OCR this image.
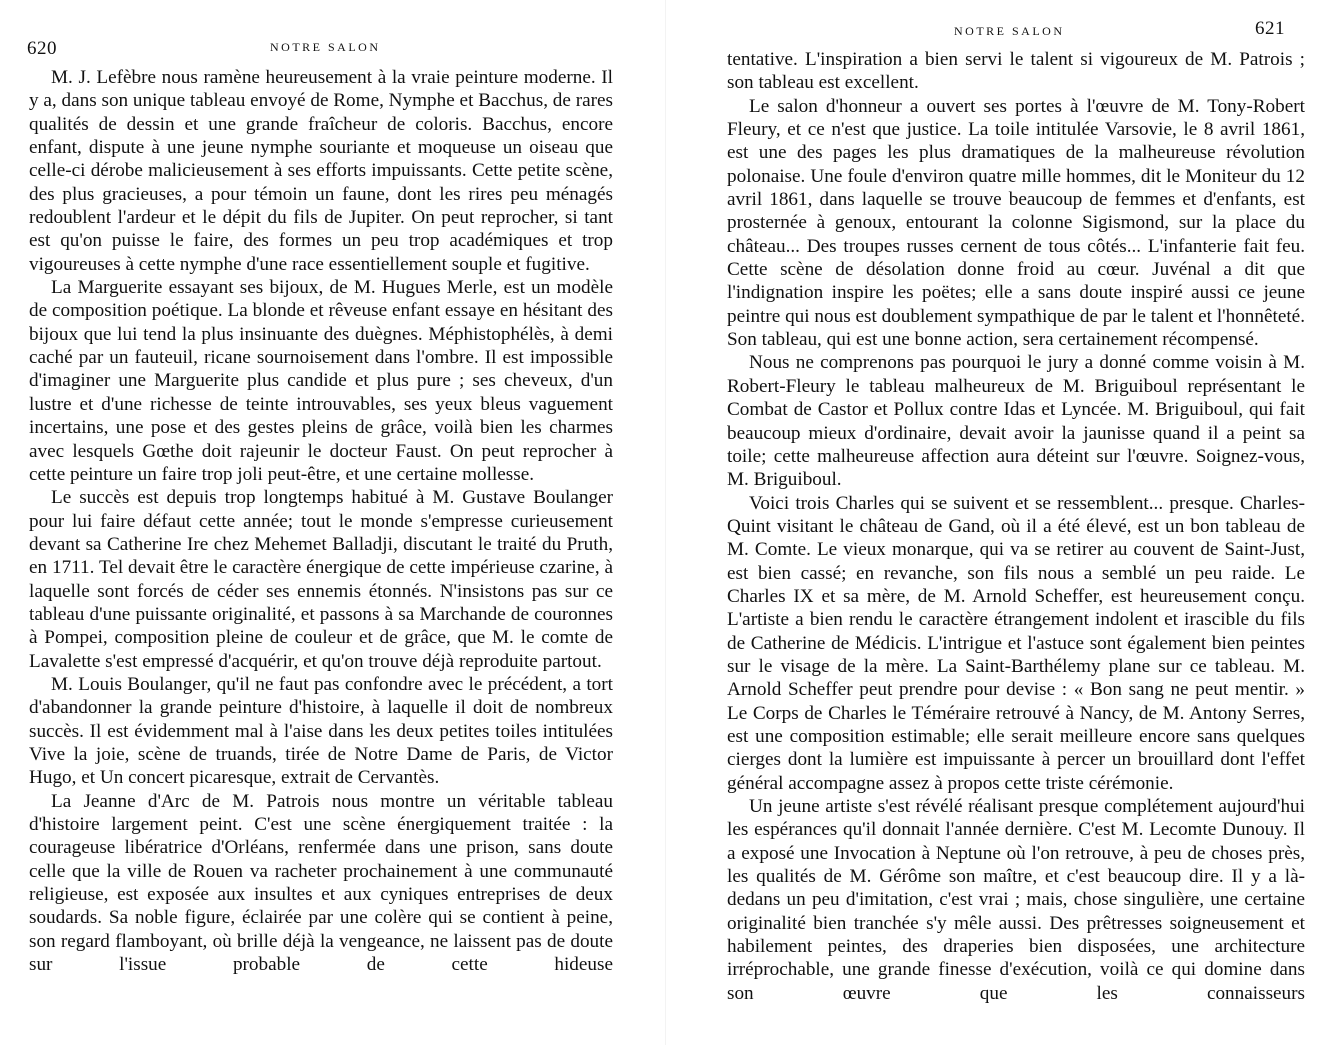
620	NOTRE SALON

M. J. Lefèbre nous ramène heureusement à la vraie peinture moderne. Il y a, dans son unique tableau envoyé de Rome, Nymphe et Bacchus, de rares qualités de dessin et une grande fraîcheur de coloris. Bacchus, encore enfant, dispute à une jeune nymphe souriante et moqueuse un oiseau que celle-ci dérobe malicieusement à ses efforts impuissants. Cette petite scène, des plus gracieuses, a pour témoin un faune, dont les rires peu ménagés redoublent l'ardeur et le dépit du fils de Jupiter. On peut reprocher, si tant est qu'on puisse le faire, des formes un peu trop académiques et trop vigoureuses à cette nymphe d'une race essentiellement souple et fugitive.

La Marguerite essayant ses bijoux, de M. Hugues Merle, est un modèle de composition poétique. La blonde et rêveuse enfant essaye en hésitant des bijoux que lui tend la plus insinuante des duègnes. Méphistophélès, à demi caché par un fauteuil, ricane sournoisement dans l'ombre. Il est impossible d'imaginer une Marguerite plus candide et plus pure ; ses cheveux, d'un lustre et d'une richesse de teinte introuvables, ses yeux bleus vaguement incertains, une pose et des gestes pleins de grâce, voilà bien les charmes avec lesquels Gœthe doit rajeunir le docteur Faust. On peut reprocher à cette peinture un faire trop joli peut-être, et une certaine mollesse.

Le succès est depuis trop longtemps habitué à M. Gustave Boulanger pour lui faire défaut cette année; tout le monde s'empresse curieusement devant sa Catherine Ire chez Mehemet Balladji, discutant le traité du Pruth, en 1711. Tel devait être le caractère énergique de cette impérieuse czarine, à laquelle sont forcés de céder ses ennemis étonnés. N'insistons pas sur ce tableau d'une puissante originalité, et passons à sa Marchande de couronnes à Pompei, composition pleine de couleur et de grâce, que M. le comte de Lavalette s'est empressé d'acquérir, et qu'on trouve déjà reproduite partout.

M. Louis Boulanger, qu'il ne faut pas confondre avec le précédent, a tort d'abandonner la grande peinture d'histoire, à laquelle il doit de nombreux succès. Il est évidemment mal à l'aise dans les deux petites toiles intitulées Vive la joie, scène de truands, tirée de Notre Dame de Paris, de Victor Hugo, et Un concert picaresque, extrait de Cervantès.

La Jeanne d'Arc de M. Patrois nous montre un véritable tableau d'histoire largement peint. C'est une scène énergiquement traitée : la courageuse libératrice d'Orléans, renfermée dans une prison, sans doute celle que la ville de Rouen va racheter prochainement à une communauté religieuse, est exposée aux insultes et aux cyniques entreprises de deux soudards. Sa noble figure, éclairée par une colère qui se contient à peine, son regard flamboyant, où brille déjà la vengeance, ne laissent pas de doute sur l'issue probable de cette hideuse

NOTRE SALON	621

tentative. L'inspiration a bien servi le talent si vigoureux de M. Patrois ; son tableau est excellent.

Le salon d'honneur a ouvert ses portes à l'œuvre de M. Tony-Robert Fleury, et ce n'est que justice. La toile intitulée Varsovie, le 8 avril 1861, est une des pages les plus dramatiques de la malheureuse révolution polonaise. Une foule d'environ quatre mille hommes, dit le Moniteur du 12 avril 1861, dans laquelle se trouve beaucoup de femmes et d'enfants, est prosternée à genoux, entourant la colonne Sigismond, sur la place du château... Des troupes russes cernent de tous côtés... L'infanterie fait feu. Cette scène de désolation donne froid au cœur. Juvénal a dit que l'indignation inspire les poëtes; elle a sans doute inspiré aussi ce jeune peintre qui nous est doublement sympathique de par le talent et l'honnêteté. Son tableau, qui est une bonne action, sera certainement récompensé.

Nous ne comprenons pas pourquoi le jury a donné comme voisin à M. Robert-Fleury le tableau malheureux de M. Briguiboul représentant le Combat de Castor et Pollux contre Idas et Lyncée. M. Briguiboul, qui fait beaucoup mieux d'ordinaire, devait avoir la jaunisse quand il a peint sa toile; cette malheureuse affection aura déteint sur l'œuvre. Soignez-vous, M. Briguiboul.

Voici trois Charles qui se suivent et se ressemblent... presque. Charles-Quint visitant le château de Gand, où il a été élevé, est un bon tableau de M. Comte. Le vieux monarque, qui va se retirer au couvent de Saint-Just, est bien cassé; en revanche, son fils nous a semblé un peu raide. Le Charles IX et sa mère, de M. Arnold Scheffer, est heureusement conçu. L'artiste a bien rendu le caractère étrangement indolent et irascible du fils de Catherine de Médicis. L'intrigue et l'astuce sont également bien peintes sur le visage de la mère. La Saint-Barthélemy plane sur ce tableau. M. Arnold Scheffer peut prendre pour devise : « Bon sang ne peut mentir. » Le Corps de Charles le Téméraire retrouvé à Nancy, de M. Antony Serres, est une composition estimable; elle serait meilleure encore sans quelques cierges dont la lumière est impuissante à percer un brouillard dont l'effet général accompagne assez à propos cette triste cérémonie.

Un jeune artiste s'est révélé réalisant presque complétement aujourd'hui les espérances qu'il donnait l'année dernière. C'est M. Lecomte Dunouy. Il a exposé une Invocation à Neptune où l'on retrouve, à peu de choses près, les qualités de M. Gérôme son maître, et c'est beaucoup dire. Il y a là-dedans un peu d'imitation, c'est vrai ; mais, chose singulière, une certaine originalité bien tranchée s'y mêle aussi. Des prêtresses soigneusement et habilement peintes, des draperies bien disposées, une architecture irréprochable, une grande finesse d'exécution, voilà ce qui domine dans son œuvre que les connaisseurs
